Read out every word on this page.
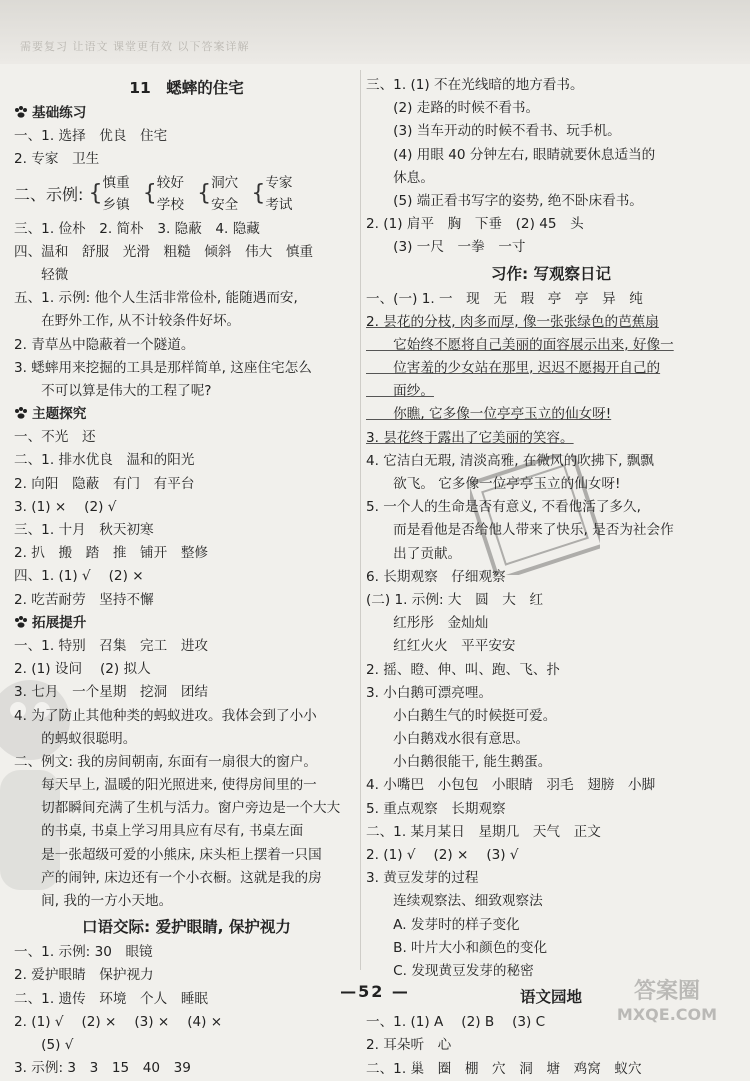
需要复习 让语文 课堂更有效 以下答案详解
11　蟋蟀的住宅
基础练习
一、1. 选择　优良　住宅
2. 专家　卫生
二、示例: { 慎重
乡镇 { 较好
学校 { 洞穴
安全 { 专家
考试
三、1. 俭朴　2. 简朴　3. 隐蔽　4. 隐藏
四、温和　舒服　光滑　粗糙　倾斜　伟大　慎重
　　轻微
五、1. 示例: 他个人生活非常俭朴, 能随遇而安,
　　在野外工作, 从不计较条件好坏。
2. 青草丛中隐蔽着一个隧道。
3. 蟋蟀用来挖掘的工具是那样简单, 这座住宅怎么
　　不可以算是伟大的工程了呢?
主题探究
一、不光　还
二、1. 排水优良　温和的阳光
2. 向阳　隐蔽　有门　有平台
3. (1) ×　 (2) √
三、1. 十月　秋天初寒
2. 扒　搬　踏　推　铺开　整修
四、1. (1) √　 (2) ×
2. 吃苦耐劳　坚持不懈
拓展提升
一、1. 特别　召集　完工　进攻
2. (1) 设问　 (2) 拟人
3. 七月　一个星期　挖洞　团结
4. 为了防止其他种类的蚂蚁进攻。我体会到了小小
　　的蚂蚁很聪明。
二、例文: 我的房间朝南, 东面有一扇很大的窗户。
　　每天早上, 温暖的阳光照进来, 使得房间里的一
　　切都瞬间充满了生机与活力。窗户旁边是一个大大
　　的书桌, 书桌上学习用具应有尽有, 书桌左面
　　是一张超级可爱的小熊床, 床头柜上摆着一只国
　　产的闹钟, 床边还有一个小衣橱。这就是我的房
　　间, 我的一方小天地。
口语交际: 爱护眼睛, 保护视力
一、1. 示例: 30　眼镜
2. 爱护眼睛　保护视力
二、1. 遗传　环境　个人　睡眠
2. (1) √　 (2) ×　 (3) ×　 (4) ×
　　(5) √
3. 示例: 3　3　15　40　39
三、1. (1) 不在光线暗的地方看书。
　　(2) 走路的时候不看书。
　　(3) 当车开动的时候不看书、玩手机。
　　(4) 用眼 40 分钟左右, 眼睛就要休息适当的
　　休息。
　　(5) 端正看书写字的姿势, 绝不卧床看书。
2. (1) 肩平　胸　下垂　(2) 45　头
　　(3) 一尺　一拳　一寸
习作: 写观察日记
一、(一) 1. 一　现　无　瑕　亭　亭　异　纯
2. 昙花的分枝, 肉多而厚, 像一张张绿色的芭蕉扇
　　它始终不愿将自己美丽的面容展示出来, 好像一
　　位害羞的少女站在那里, 迟迟不愿揭开自己的
　　面纱。
　　你瞧, 它多像一位亭亭玉立的仙女呀!
3. 昙花终于露出了它美丽的笑容。
4. 它洁白无瑕, 清淡高雅, 在微风的吹拂下, 飘飘
　　欲飞。 它多像一位亭亭玉立的仙女呀!
5. 一个人的生命是否有意义, 不看他活了多久,
　　而是看他是否给他人带来了快乐, 是否为社会作
　　出了贡献。
6. 长期观察　仔细观察
(二) 1. 示例: 大　圆　大　红
　　红彤彤　金灿灿
　　红红火火　平平安安
2. 摇、瞪、伸、叫、跑、飞、扑
3. 小白鹅可漂亮哩。
　　小白鹅生气的时候挺可爱。
　　小白鹅戏水很有意思。
　　小白鹅很能干, 能生鹅蛋。
4. 小嘴巴　小包包　小眼睛　羽毛　翅膀　小脚
5. 重点观察　长期观察
二、1. 某月某日　星期几　天气　正文
2. (1) √　 (2) ×　 (3) √
3. 黄豆发芽的过程
　　连续观察法、细致观察法
　　A. 发芽时的样子变化
　　B. 叶片大小和颜色的变化
　　C. 发现黄豆发芽的秘密
语文园地
一、1. (1) A　 (2) B　 (3) C
2. 耳朵听　心
二、1. 巢　圈　棚　穴　洞　塘　鸡窝　蚁穴
—52 —	答案圈
MXQE.COM
